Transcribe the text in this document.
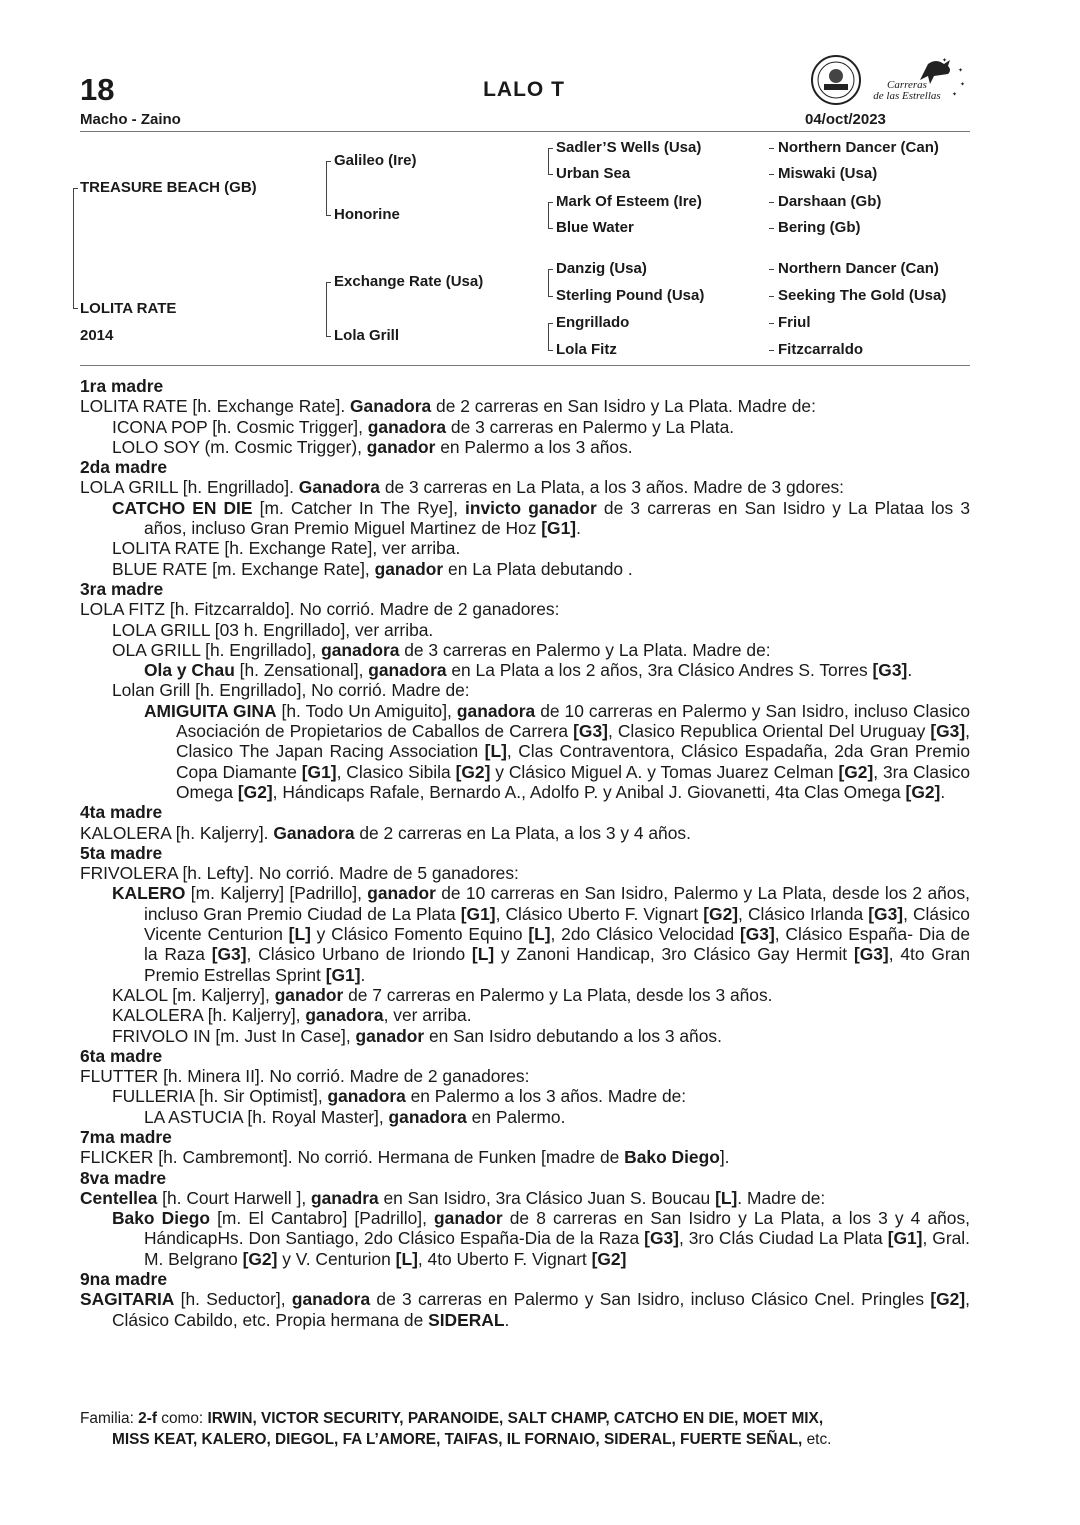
18	LALO T
Macho - Zaino	04/oct/2023
✦
✦
✦
✦
Carreras
de las Estrellas
TREASURE BEACH (GB)
LOLITA RATE
2014
Galileo (Ire)
Honorine
Exchange Rate (Usa)
Lola Grill
Sadler’S Wells (Usa)
Urban Sea
Mark Of Esteem (Ire)
Blue Water
Danzig (Usa)
Sterling Pound (Usa)
Engrillado
Lola Fitz
Northern Dancer (Can)
Miswaki (Usa)
Darshaan (Gb)
Bering (Gb)
Northern Dancer (Can)
Seeking The Gold (Usa)
Friul
Fitzcarraldo

1ra madre

LOLITA RATE [h. Exchange Rate]. Ganadora de 2 carreras en San Isidro y La Plata. Madre de:

ICONA POP [h. Cosmic Trigger], ganadora de 3 carreras en Palermo y La Plata.

LOLO SOY (m. Cosmic Trigger), ganador en Palermo a los 3 años.

2da madre

LOLA GRILL [h. Engrillado]. Ganadora de 3 carreras en La Plata, a los 3 años. Madre de 3 gdores:

CATCHO EN DIE [m. Catcher In The Rye], invicto ganador de 3 carreras en San Isidro y La Plataa los 3 años, incluso Gran Premio Miguel Martinez de Hoz [G1].

LOLITA RATE [h. Exchange Rate], ver arriba.

BLUE RATE [m. Exchange Rate], ganador en La Plata debutando .

3ra madre

LOLA FITZ [h. Fitzcarraldo]. No corrió. Madre de 2 ganadores:

LOLA GRILL [03 h. Engrillado], ver arriba.

OLA GRILL [h. Engrillado], ganadora de 3 carreras en Palermo y La Plata. Madre de:

Ola y Chau [h. Zensational], ganadora en La Plata a los 2 años, 3ra Clásico Andres S. Torres [G3].

Lolan Grill [h. Engrillado], No corrió. Madre de:

AMIGUITA GINA [h. Todo Un Amiguito], ganadora de 10 carreras en Palermo y San Isidro, incluso Clasico Asociación de Propietarios de Caballos de Carrera [G3], Clasico Republica Oriental Del Uruguay [G3], Clasico The Japan Racing Association [L], Clas Contraventora, Clásico Espadaña, 2da Gran Premio Copa Diamante [G1], Clasico Sibila [G2] y Clásico Miguel A. y Tomas Juarez Celman [G2], 3ra Clasico Omega [G2], Hándicaps Rafale, Bernardo A., Adolfo P. y Anibal J. Giovanetti, 4ta Clas Omega [G2].

4ta madre

KALOLERA [h. Kaljerry]. Ganadora de 2 carreras en La Plata, a los 3 y 4 años.

5ta madre

FRIVOLERA [h. Lefty]. No corrió. Madre de 5 ganadores:

KALERO [m. Kaljerry] [Padrillo], ganador de 10 carreras en San Isidro, Palermo y La Plata, desde los 2 años, incluso Gran Premio Ciudad de La Plata [G1], Clásico Uberto F. Vignart [G2], Clásico Irlanda [G3], Clásico Vicente Centurion [L] y Clásico Fomento Equino [L], 2do Clásico Velocidad [G3], Clásico España- Dia de la Raza [G3], Clásico Urbano de Iriondo [L] y Zanoni Handicap, 3ro Clásico Gay Hermit [G3], 4to Gran Premio Estrellas Sprint [G1].

KALOL [m. Kaljerry], ganador de 7 carreras en Palermo y La Plata, desde los 3 años.

KALOLERA [h. Kaljerry], ganadora, ver arriba.

FRIVOLO IN [m. Just In Case], ganador en San Isidro debutando a los 3 años.

6ta madre

FLUTTER [h. Minera II]. No corrió. Madre de 2 ganadores:

FULLERIA [h. Sir Optimist], ganadora en Palermo a los 3 años. Madre de:

LA ASTUCIA [h. Royal Master], ganadora en Palermo.

7ma madre

FLICKER [h. Cambremont]. No corrió. Hermana de Funken [madre de Bako Diego].

8va madre

Centellea [h. Court Harwell ], ganadra en San Isidro, 3ra Clásico Juan S. Boucau [L]. Madre de:

Bako Diego [m. El Cantabro] [Padrillo], ganador de 8 carreras en San Isidro y La Plata, a los 3 y 4 años, HándicapHs. Don Santiago, 2do Clásico España-Dia de la Raza [G3], 3ro Clás Ciudad La Plata [G1], Gral. M. Belgrano [G2] y V. Centurion [L], 4to Uberto F. Vignart [G2]

9na madre

SAGITARIA [h. Seductor], ganadora de 3 carreras en Palermo y San Isidro, incluso Clásico Cnel. Pringles [G2], Clásico Cabildo, etc. Propia hermana de SIDERAL.

Familia: 2-f como: IRWIN, VICTOR SECURITY, PARANOIDE, SALT CHAMP, CATCHO EN DIE, MOET MIX,
MISS KEAT, KALERO, DIEGOL, FA L’AMORE, TAIFAS, IL FORNAIO, SIDERAL, FUERTE SEÑAL, etc.
